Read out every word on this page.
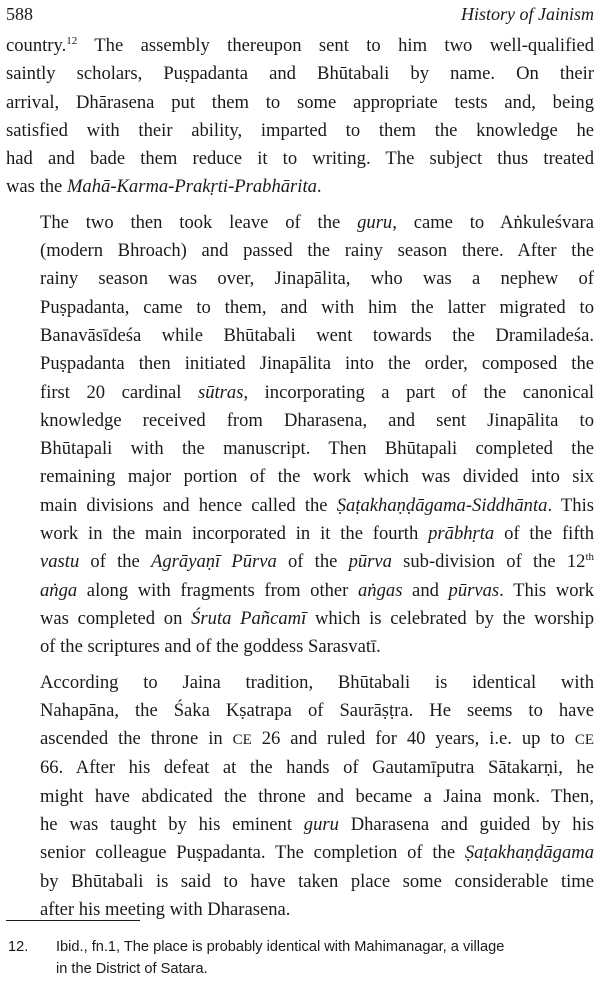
588	History of Jainism
country.$^{12}$ The assembly thereupon sent to him two well-qualified
saintly scholars, Puṣpadanta and Bhūtabali by name. On their
arrival, Dhārasena put them to some appropriate tests and, being
satisfied with their ability, imparted to them the knowledge he
had and bade them reduce it to writing. The subject thus treated
was the Mahā-Karma-Prakṛti-Prabhārita.
The two then took leave of the guru, came to Aṅkuleśvara
(modern Bhroach) and passed the rainy season there. After the
rainy season was over, Jinapālita, who was a nephew of
Puṣpadanta, came to them, and with him the latter migrated to
Banavāsīdeśa while Bhūtabali went towards the Dramiladeśa.
Puṣpadanta then initiated Jinapālita into the order, composed the
first 20 cardinal sūtras, incorporating a part of the canonical
knowledge received from Dharasena, and sent Jinapālita to
Bhūtapali with the manuscript. Then Bhūtapali completed the
remaining major portion of the work which was divided into six
main divisions and hence called the Ṣaṭakhaṇḍāgama-Siddhānta. This
work in the main incorporated in it the fourth prābhṛta of the fifth
vastu of the Agrāyaṇī Pūrva of the pūrva sub-division of the 12th
aṅga along with fragments from other aṅgas and pūrvas. This work
was completed on Śruta Pañcamī which is celebrated by the worship
of the scriptures and of the goddess Sarasvatī.
According to Jaina tradition, Bhūtabali is identical with
Nahapāna, the Śaka Kṣatrapa of Saurāṣṭra. He seems to have
ascended the throne in CE 26 and ruled for 40 years, i.e. up to CE
66. After his defeat at the hands of Gautamīputra Sātakarṇi, he
might have abdicated the throne and became a Jaina monk. Then,
he was taught by his eminent guru Dharasena and guided by his
senior colleague Puṣpadanta. The completion of the Ṣaṭakhaṇḍāgama
by Bhūtabali is said to have taken place some considerable time
after his meeting with Dharasena.
12. Ibid., fn.1, The place is probably identical with Mahimanagar, a village
in the District of Satara.
